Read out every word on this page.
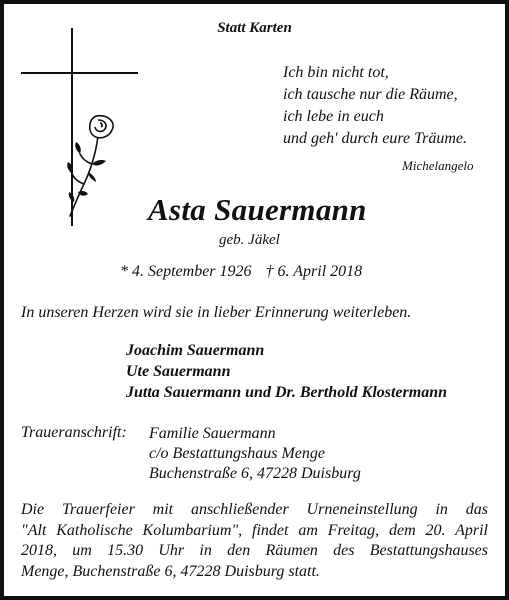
Statt Karten
Ich bin nicht tot,
ich tausche nur die Räume,
ich lebe in euch
und geh' durch eure Träume.
Michelangelo
Asta Sauermann
geb. Jäkel
* 4. September 1926 † 6. April 2018
In unseren Herzen wird sie in lieber Erinnerung weiterleben.
Joachim Sauermann
Ute Sauermann
Jutta Sauermann und Dr. Berthold Klostermann
Traueranschrift: Familie Sauermann
c/o Bestattungshaus Menge
Buchenstraße 6, 47228 Duisburg
Die Trauerfeier mit anschließender Urneneinstellung in das
"Alt Katholische Kolumbarium", findet am Freitag, dem 20. April
2018, um 15.30 Uhr in den Räumen des Bestattungshauses
Menge, Buchenstraße 6, 47228 Duisburg statt.
